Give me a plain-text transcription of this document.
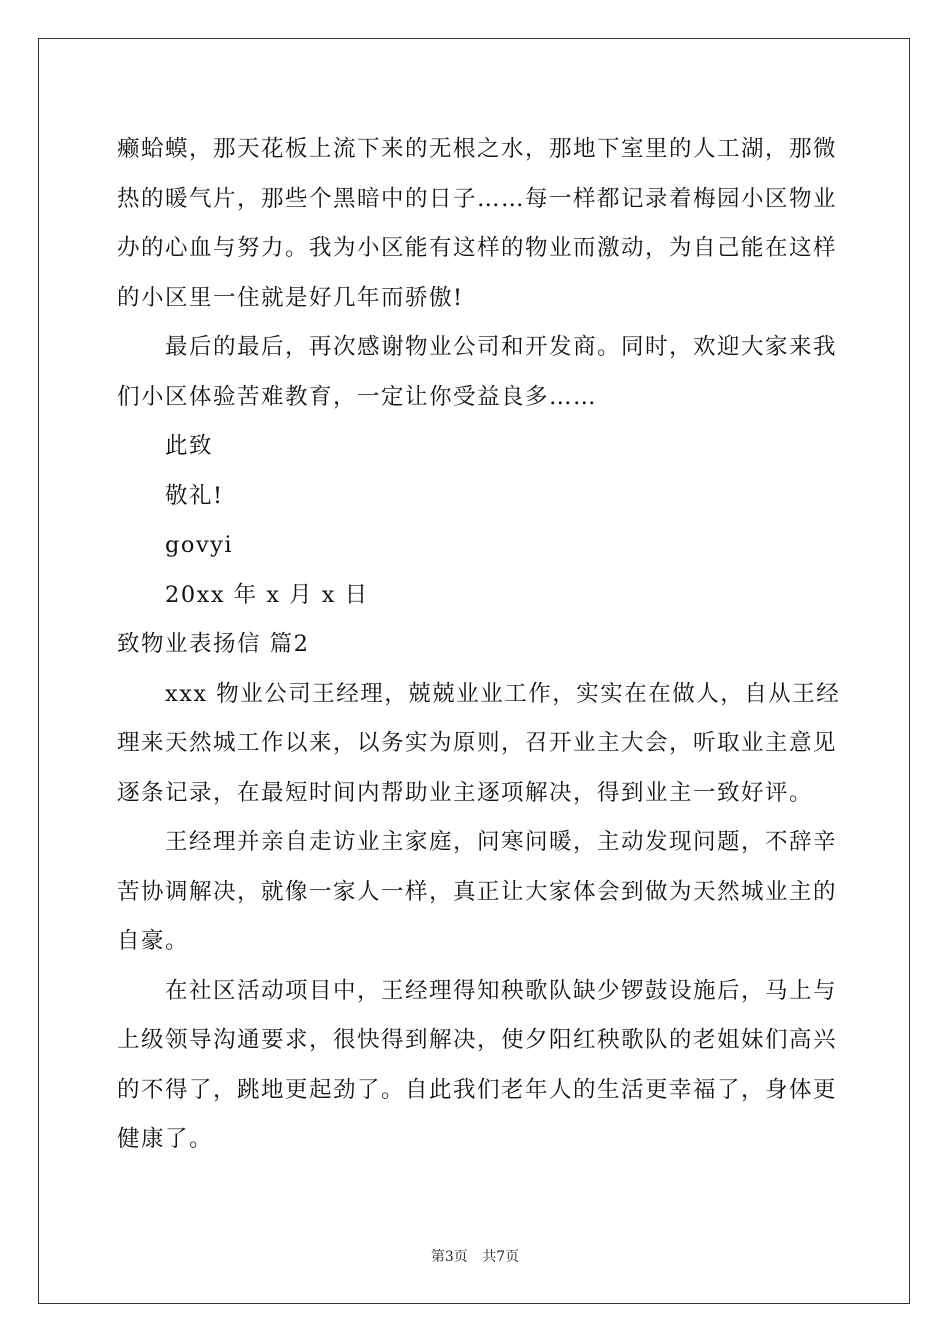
癞蛤蟆，那天花板上流下来的无根之水，那地下室里的人工湖，那微

热的暖气片，那些个黑暗中的日子……每一样都记录着梅园小区物业

办的心血与努力。我为小区能有这样的物业而激动，为自己能在这样

的小区里一住就是好几年而骄傲!

最后的最后，再次感谢物业公司和开发商。同时，欢迎大家来我

们小区体验苦难教育，一定让你受益良多……

此致

敬礼!

govyi

20xx 年 x 月 x 日

致物业表扬信 篇2

xxx 物业公司王经理，兢兢业业工作，实实在在做人，自从王经

理来天然城工作以来，以务实为原则，召开业主大会，听取业主意见

逐条记录，在最短时间内帮助业主逐项解决，得到业主一致好评。

王经理并亲自走访业主家庭，问寒问暖，主动发现问题，不辞辛

苦协调解决，就像一家人一样，真正让大家体会到做为天然城业主的

自豪。

在社区活动项目中，王经理得知秧歌队缺少锣鼓设施后，马上与

上级领导沟通要求，很快得到解决，使夕阳红秧歌队的老姐妹们高兴

的不得了，跳地更起劲了。自此我们老年人的生活更幸福了，身体更

健康了。

第3页 共7页
